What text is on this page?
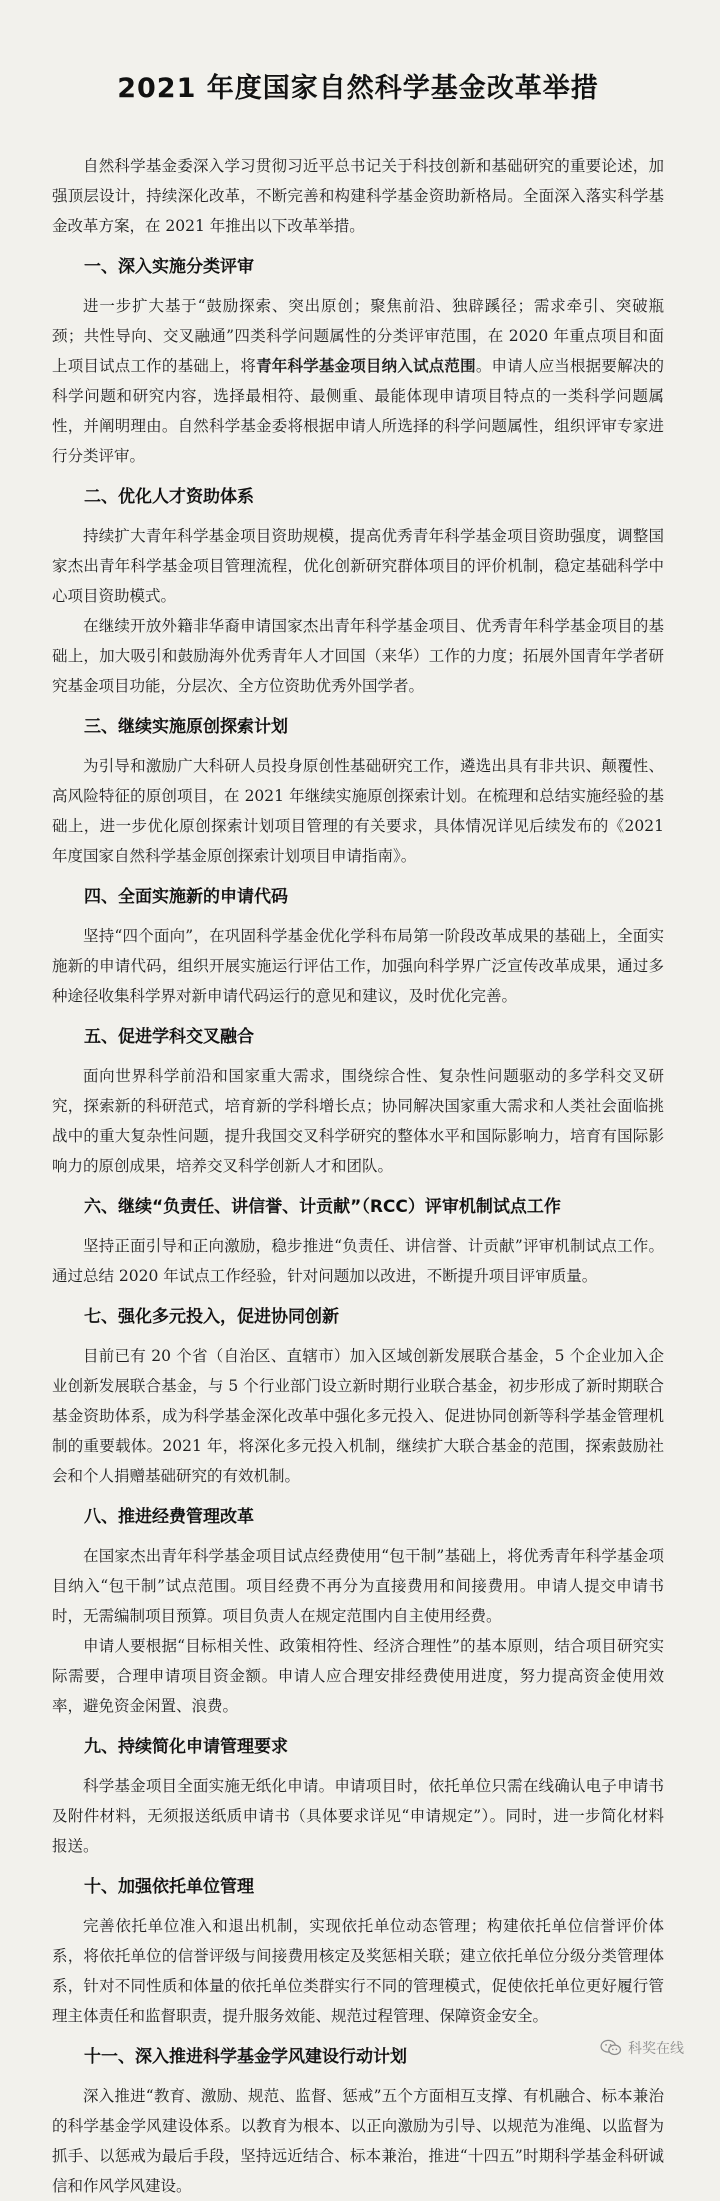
2021 年度国家自然科学基金改革举措

自然科学基金委深入学习贯彻习近平总书记关于科技创新和基础研究的重要论述，加强顶层设计，持续深化改革，不断完善和构建科学基金资助新格局。全面深入落实科学基金改革方案，在 2021 年推出以下改革举措。

一、深入实施分类评审

进一步扩大基于“鼓励探索、突出原创；聚焦前沿、独辟蹊径；需求牵引、突破瓶颈；共性导向、交叉融通”四类科学问题属性的分类评审范围，在 2020 年重点项目和面上项目试点工作的基础上，将青年科学基金项目纳入试点范围。申请人应当根据要解决的科学问题和研究内容，选择最相符、最侧重、最能体现申请项目特点的一类科学问题属性，并阐明理由。自然科学基金委将根据申请人所选择的科学问题属性，组织评审专家进行分类评审。

二、优化人才资助体系

持续扩大青年科学基金项目资助规模，提高优秀青年科学基金项目资助强度，调整国家杰出青年科学基金项目管理流程，优化创新研究群体项目的评价机制，稳定基础科学中心项目资助模式。

在继续开放外籍非华裔申请国家杰出青年科学基金项目、优秀青年科学基金项目的基础上，加大吸引和鼓励海外优秀青年人才回国（来华）工作的力度；拓展外国青年学者研究基金项目功能，分层次、全方位资助优秀外国学者。

三、继续实施原创探索计划

为引导和激励广大科研人员投身原创性基础研究工作，遴选出具有非共识、颠覆性、高风险特征的原创项目，在 2021 年继续实施原创探索计划。在梳理和总结实施经验的基础上，进一步优化原创探索计划项目管理的有关要求，具体情况详见后续发布的《2021 年度国家自然科学基金原创探索计划项目申请指南》。

四、全面实施新的申请代码

坚持“四个面向”，在巩固科学基金优化学科布局第一阶段改革成果的基础上，全面实施新的申请代码，组织开展实施运行评估工作，加强向科学界广泛宣传改革成果，通过多种途径收集科学界对新申请代码运行的意见和建议，及时优化完善。

五、促进学科交叉融合

面向世界科学前沿和国家重大需求，围绕综合性、复杂性问题驱动的多学科交叉研究，探索新的科研范式，培育新的学科增长点；协同解决国家重大需求和人类社会面临挑战中的重大复杂性问题，提升我国交叉科学研究的整体水平和国际影响力，培育有国际影响力的原创成果，培养交叉科学创新人才和团队。

六、继续“负责任、讲信誉、计贡献”（RCC）评审机制试点工作

坚持正面引导和正向激励，稳步推进“负责任、讲信誉、计贡献”评审机制试点工作。通过总结 2020 年试点工作经验，针对问题加以改进，不断提升项目评审质量。

七、强化多元投入，促进协同创新

目前已有 20 个省（自治区、直辖市）加入区域创新发展联合基金，5 个企业加入企业创新发展联合基金，与 5 个行业部门设立新时期行业联合基金，初步形成了新时期联合基金资助体系，成为科学基金深化改革中强化多元投入、促进协同创新等科学基金管理机制的重要载体。2021 年，将深化多元投入机制，继续扩大联合基金的范围，探索鼓励社会和个人捐赠基础研究的有效机制。

八、推进经费管理改革

在国家杰出青年科学基金项目试点经费使用“包干制”基础上，将优秀青年科学基金项目纳入“包干制”试点范围。项目经费不再分为直接费用和间接费用。申请人提交申请书时，无需编制项目预算。项目负责人在规定范围内自主使用经费。

申请人要根据“目标相关性、政策相符性、经济合理性”的基本原则，结合项目研究实际需要，合理申请项目资金额。申请人应合理安排经费使用进度，努力提高资金使用效率，避免资金闲置、浪费。

九、持续简化申请管理要求

科学基金项目全面实施无纸化申请。申请项目时，依托单位只需在线确认电子申请书及附件材料，无须报送纸质申请书（具体要求详见“申请规定”）。同时，进一步简化材料报送。

十、加强依托单位管理

完善依托单位准入和退出机制，实现依托单位动态管理；构建依托单位信誉评价体系，将依托单位的信誉评级与间接费用核定及奖惩相关联；建立依托单位分级分类管理体系，针对不同性质和体量的依托单位类群实行不同的管理模式，促使依托单位更好履行管理主体责任和监督职责，提升服务效能、规范过程管理、保障资金安全。

十一、深入推进科学基金学风建设行动计划

深入推进“教育、激励、规范、监督、惩戒”五个方面相互支撑、有机融合、标本兼治的科学基金学风建设体系。以教育为根本、以正向激励为引导、以规范为准绳、以监督为抓手、以惩戒为最后手段，坚持远近结合、标本兼治，推进“十四五”时期科学基金科研诚信和作风学风建设。

科奖在线
